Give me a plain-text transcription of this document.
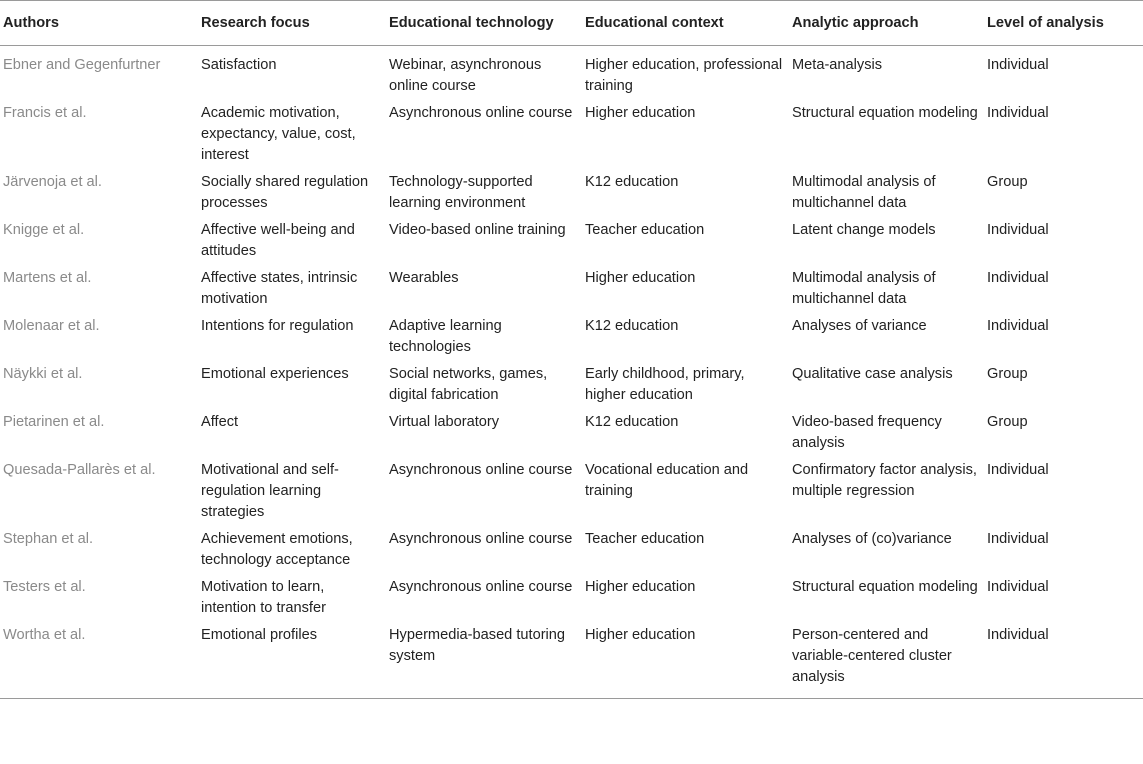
Authors	Research focus	Educational technology	Educational context	Analytic approach	Level of analysis
Ebner and Gegenfurtner	Satisfaction	Webinar, asynchronous online course	Higher education, professional training	Meta-analysis	Individual
Francis et al.	Academic motivation, expectancy, value, cost, interest	Asynchronous online course	Higher education	Structural equation modeling	Individual
Järvenoja et al.	Socially shared regulation processes	Technology-supported learning environment	K12 education	Multimodal analysis of multichannel data	Group
Knigge et al.	Affective well-being and attitudes	Video-based online training	Teacher education	Latent change models	Individual
Martens et al.	Affective states, intrinsic motivation	Wearables	Higher education	Multimodal analysis of multichannel data	Individual
Molenaar et al.	Intentions for regulation	Adaptive learning technologies	K12 education	Analyses of variance	Individual
Näykki et al.	Emotional experiences	Social networks, games, digital fabrication	Early childhood, primary, higher education	Qualitative case analysis	Group
Pietarinen et al.	Affect	Virtual laboratory	K12 education	Video-based frequency analysis	Group
Quesada-Pallarès et al.	Motivational and self-regulation learning strategies	Asynchronous online course	Vocational education and training	Confirmatory factor analysis, multiple regression	Individual
Stephan et al.	Achievement emotions, technology acceptance	Asynchronous online course	Teacher education	Analyses of (co)variance	Individual
Testers et al.	Motivation to learn, intention to transfer	Asynchronous online course	Higher education	Structural equation modeling	Individual
Wortha et al.	Emotional profiles	Hypermedia-based tutoring system	Higher education	Person-centered and variable-centered cluster analysis	Individual
